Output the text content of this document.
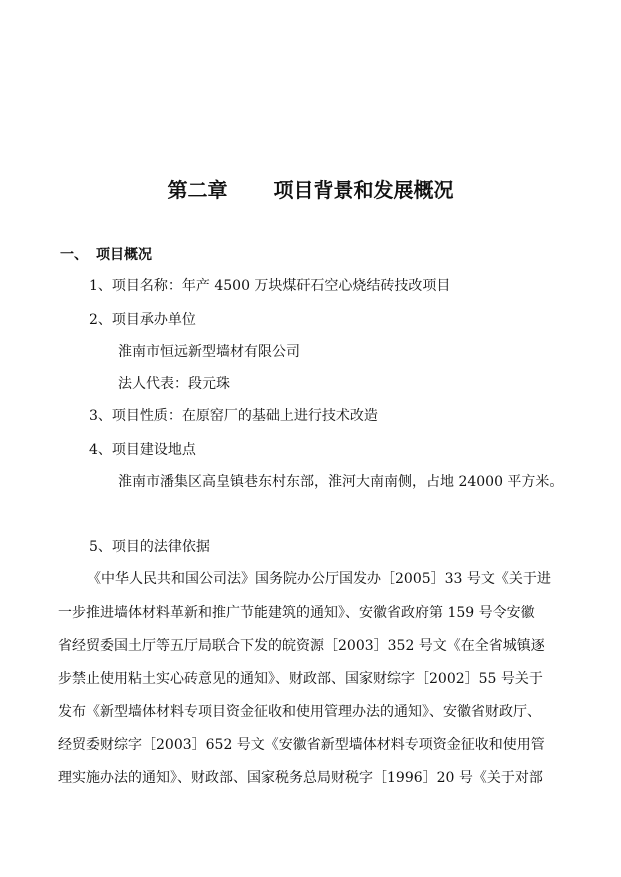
第二章 项目背景和发展概况
一、 项目概况
1、项目名称：年产 4500 万块煤矸石空心烧结砖技改项目
2、项目承办单位
淮南市恒远新型墙材有限公司
法人代表：段元珠
3、项目性质：在原窑厂的基础上进行技术改造
4、项目建设地点
淮南市潘集区高皇镇巷东村东部，淮河大南南侧，占地 24000 平方米。
5、项目的法律依据
《中华人民共和国公司法》国务院办公厅国发办［2005］33 号文《关于进
一步推进墙体材料革新和推广节能建筑的通知》、安徽省政府第 159 号令安徽
省经贸委国土厅等五厅局联合下发的皖资源［2003］352 号文《在全省城镇逐
步禁止使用粘土实心砖意见的通知》、财政部、国家财综字［2002］55 号关于
发布《新型墙体材料专项目资金征收和使用管理办法的通知》、安徽省财政厅、
经贸委财综字［2003］652 号文《安徽省新型墙体材料专项资金征收和使用管
理实施办法的通知》、财政部、国家税务总局财税字［1996］20 号《关于对部
